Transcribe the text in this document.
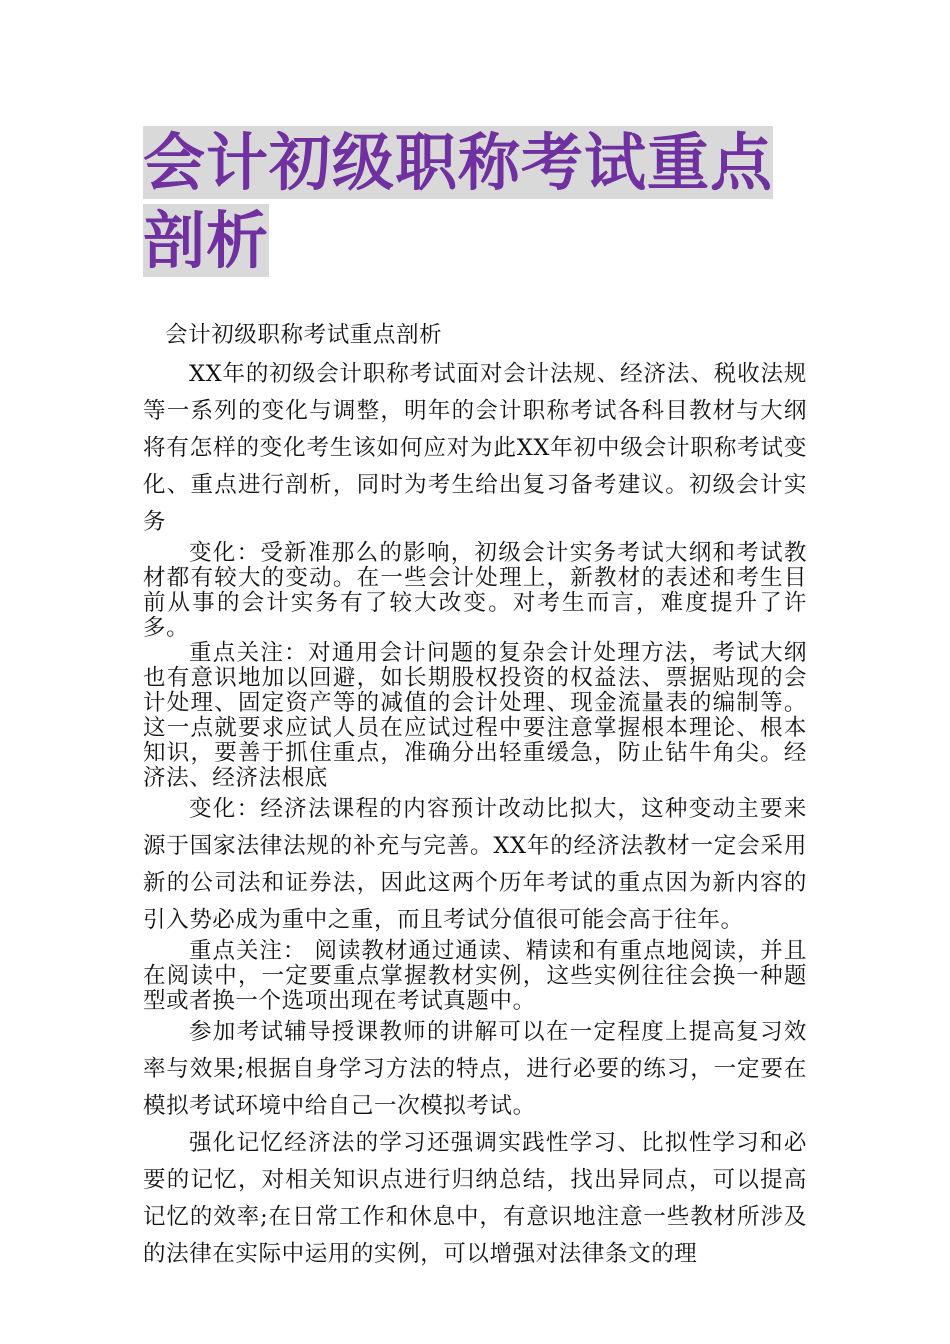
会计初级职称考试重点剖析

会计初级职称考试重点剖析

XX年的初级会计职称考试面对会计法规、经济法、税收法规等一系列的变化与调整，明年的会计职称考试各科目教材与大纲将有怎样的变化考生该如何应对为此XX年初中级会计职称考试变化、重点进行剖析，同时为考生给出复习备考建议。初级会计实务

变化：受新准那么的影响，初级会计实务考试大纲和考试教材都有较大的变动。在一些会计处理上，新教材的表述和考生目前从事的会计实务有了较大改变。对考生而言，难度提升了许多。

重点关注：对通用会计问题的复杂会计处理方法，考试大纲也有意识地加以回避，如长期股权投资的权益法、票据贴现的会计处理、固定资产等的减值的会计处理、现金流量表的编制等。这一点就要求应试人员在应试过程中要注意掌握根本理论、根本知识，要善于抓住重点，准确分出轻重缓急，防止钻牛角尖。经济法、经济法根底

变化：经济法课程的内容预计改动比拟大，这种变动主要来源于国家法律法规的补充与完善。XX年的经济法教材一定会采用新的公司法和证券法，因此这两个历年考试的重点因为新内容的引入势必成为重中之重，而且考试分值很可能会高于往年。

重点关注： 阅读教材通过通读、精读和有重点地阅读，并且在阅读中，一定要重点掌握教材实例，这些实例往往会换一种题型或者换一个选项出现在考试真题中。

参加考试辅导授课教师的讲解可以在一定程度上提高复习效率与效果;根据自身学习方法的特点，进行必要的练习，一定要在模拟考试环境中给自己一次模拟考试。

强化记忆经济法的学习还强调实践性学习、比拟性学习和必要的记忆，对相关知识点进行归纳总结，找出异同点，可以提高记忆的效率;在日常工作和休息中，有意识地注意一些教材所涉及的法律在实际中运用的实例，可以增强对法律条文的理
